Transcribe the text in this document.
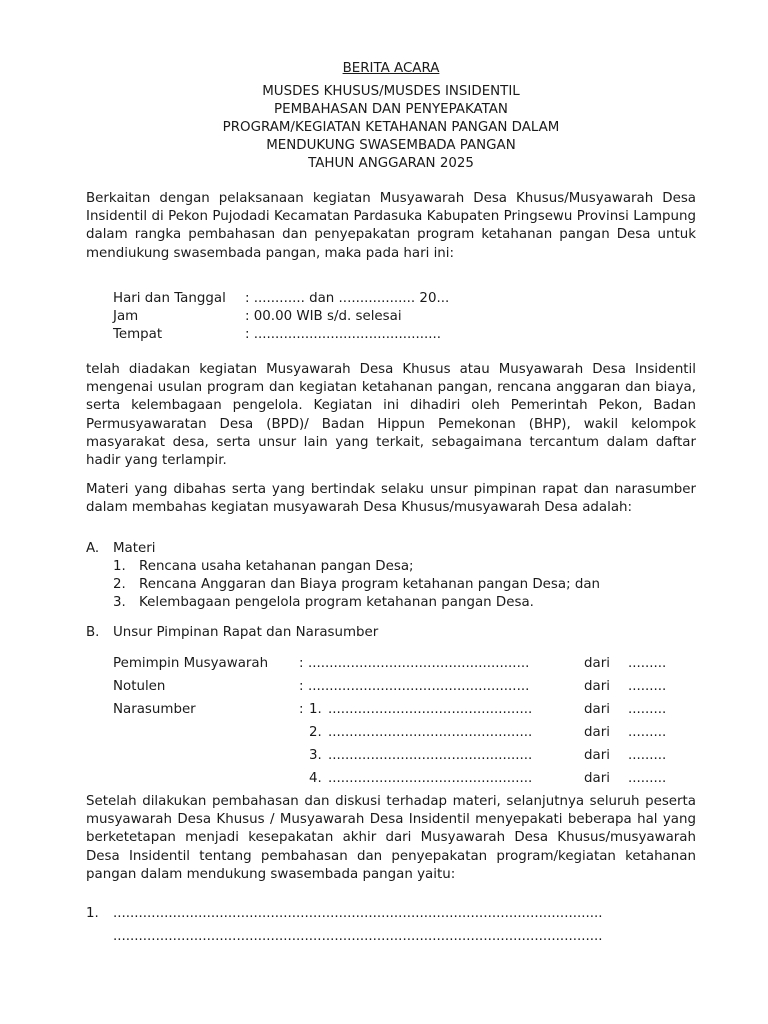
BERITA ACARA
MUSDES KHUSUS/MUSDES INSIDENTIL
PEMBAHASAN DAN PENYEPAKATAN
PROGRAM/KEGIATAN KETAHANAN PANGAN DALAM
MENDUKUNG SWASEMBADA PANGAN
TAHUN ANGGARAN 2025

Berkaitan dengan pelaksanaan kegiatan Musyawarah Desa Khusus/Musyawarah Desa Insidentil di Pekon Pujodadi Kecamatan Pardasuka Kabupaten Pringsewu Provinsi Lampung dalam rangka pembahasan dan penyepakatan program ketahanan pangan Desa untuk mendiukung swasembada pangan, maka pada hari ini:

Hari dan Tanggal : ............ dan .................. 20...
Jam	: 00.00 WIB s/d. selesai
Tempat	: ............................................

telah diadakan kegiatan Musyawarah Desa Khusus atau Musyawarah Desa Insidentil mengenai usulan program dan kegiatan ketahanan pangan, rencana anggaran dan biaya, serta kelembagaan pengelola. Kegiatan ini dihadiri oleh Pemerintah Pekon, Badan Permusyawaratan Desa (BPD)/ Badan Hippun Pemekonan (BHP), wakil kelompok masyarakat desa, serta unsur lain yang terkait, sebagaimana tercantum dalam daftar hadir yang terlampir.

Materi yang dibahas serta yang bertindak selaku unsur pimpinan rapat dan narasumber dalam membahas kegiatan musyawarah Desa Khusus/musyawarah Desa adalah:

A. Materi
1. Rencana usaha ketahanan pangan Desa;
2. Rencana Anggaran dan Biaya program ketahanan pangan Desa; dan
3. Kelembagaan pengelola program ketahanan pangan Desa.
B. Unsur Pimpinan Rapat dan Narasumber
Pemimpin Musyawarah : ....................................................	dari .........
Notulen	: ....................................................	dari .........
Narasumber	: 1. ................................................	dari .........
2. ................................................	dari .........
3. ................................................	dari .........
4. ................................................	dari .........

Setelah dilakukan pembahasan dan diskusi terhadap materi, selanjutnya seluruh peserta musyawarah Desa Khusus / Musyawarah Desa Insidentil menyepakati beberapa hal yang berketetapan menjadi kesepakatan akhir dari Musyawarah Desa Khusus/musyawarah Desa Insidentil tentang pembahasan dan penyepakatan program/kegiatan ketahanan pangan dalam mendukung swasembada pangan yaitu:

1. ...................................................................................................................
...................................................................................................................
